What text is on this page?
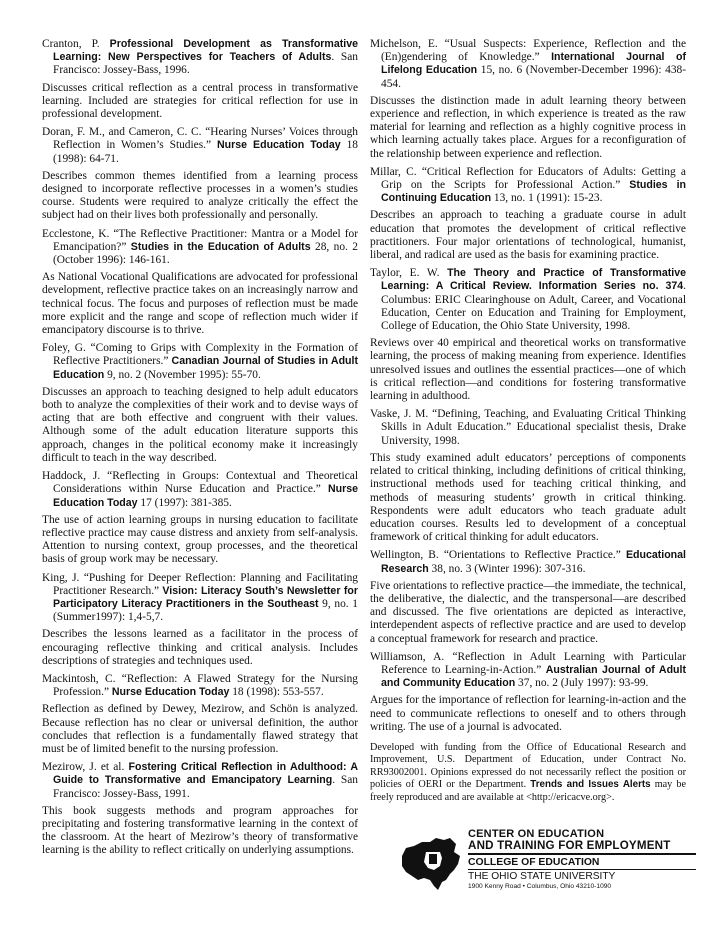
Cranton, P. Professional Development as Transformative Learning: New Perspectives for Teachers of Adults. San Francisco: Jossey-Bass, 1996.

Discusses critical reflection as a central process in transformative learning. Included are strategies for critical reflection for use in professional development.

Doran, F. M., and Cameron, C. C. “Hearing Nurses’ Voices through Reflection in Women’s Studies.” Nurse Education Today 18 (1998): 64-71.

Describes common themes identified from a learning process designed to incorporate reflective processes in a women’s studies course. Students were required to analyze critically the effect the subject had on their lives both professionally and personally.

Ecclestone, K. “The Reflective Practitioner: Mantra or a Model for Emancipation?” Studies in the Education of Adults 28, no. 2 (October 1996): 146-161.

As National Vocational Qualifications are advocated for professional development, reflective practice takes on an increasingly narrow and technical focus. The focus and purposes of reflection must be made more explicit and the range and scope of reflection much wider if emancipatory discourse is to thrive.

Foley, G. “Coming to Grips with Complexity in the Formation of Reflective Practitioners.” Canadian Journal of Studies in Adult Education 9, no. 2 (November 1995): 55-70.

Discusses an approach to teaching designed to help adult educators both to analyze the complexities of their work and to devise ways of acting that are both effective and congruent with their values. Although some of the adult education literature supports this approach, changes in the political economy make it increasingly difficult to teach in the way described.

Haddock, J. “Reflecting in Groups: Contextual and Theoretical Considerations within Nurse Education and Practice.” Nurse Education Today 17 (1997): 381-385.

The use of action learning groups in nursing education to facilitate reflective practice may cause distress and anxiety from self-analysis. Attention to nursing context, group processes, and the theoretical basis of group work may be necessary.

King, J. “Pushing for Deeper Reflection: Planning and Facilitating Practitioner Research.” Vision: Literacy South’s Newsletter for Participatory Literacy Practitioners in the Southeast 9, no. 1 (Summer1997): 1,4-5,7.

Describes the lessons learned as a facilitator in the process of encouraging reflective thinking and critical analysis. Includes descriptions of strategies and techniques used.

Mackintosh, C. “Reflection: A Flawed Strategy for the Nursing Profession.” Nurse Education Today 18 (1998): 553-557.

Reflection as defined by Dewey, Mezirow, and Schön is analyzed. Because reflection has no clear or universal definition, the author concludes that reflection is a fundamentally flawed strategy that must be of limited benefit to the nursing profession.

Mezirow, J. et al. Fostering Critical Reflection in Adulthood: A Guide to Transformative and Emancipatory Learning. San Francisco: Jossey-Bass, 1991.

This book suggests methods and program approaches for precipitating and fostering transformative learning in the context of the classroom. At the heart of Mezirow’s theory of transformative learning is the ability to reflect critically on underlying assumptions.

Michelson, E. “Usual Suspects: Experience, Reflection and the (En)gendering of Knowledge.” International Journal of Lifelong Education 15, no. 6 (November-December 1996): 438-454.

Discusses the distinction made in adult learning theory between experience and reflection, in which experience is treated as the raw material for learning and reflection as a highly cognitive process in which learning actually takes place. Argues for a reconfiguration of the relationship between experience and reflection.

Millar, C. “Critical Reflection for Educators of Adults: Getting a Grip on the Scripts for Professional Action.” Studies in Continuing Education 13, no. 1 (1991): 15-23.

Describes an approach to teaching a graduate course in adult education that promotes the development of critical reflective practitioners. Four major orientations of technological, humanist, liberal, and radical are used as the basis for examining practice.

Taylor, E. W. The Theory and Practice of Transformative Learning: A Critical Review. Information Series no. 374. Columbus: ERIC Clearinghouse on Adult, Career, and Vocational Education, Center on Education and Training for Employment, College of Education, the Ohio State University, 1998.

Reviews over 40 empirical and theoretical works on transformative learning, the process of making meaning from experience. Identifies unresolved issues and outlines the essential practices—one of which is critical reflection—and conditions for fostering transformative learning in adulthood.

Vaske, J. M. “Defining, Teaching, and Evaluating Critical Thinking Skills in Adult Education.” Educational specialist thesis, Drake University, 1998.

This study examined adult educators’ perceptions of components related to critical thinking, including definitions of critical thinking, instructional methods used for teaching critical thinking, and methods of measuring students’ growth in critical thinking. Respondents were adult educators who teach graduate adult education courses. Results led to development of a conceptual framework of critical thinking for adult educators.

Wellington, B. “Orientations to Reflective Practice.” Educational Research 38, no. 3 (Winter 1996): 307-316.

Five orientations to reflective practice—the immediate, the technical, the deliberative, the dialectic, and the transpersonal—are described and discussed. The five orientations are depicted as interactive, interdependent aspects of reflective practice and are used to develop a conceptual framework for research and practice.

Williamson, A. “Reflection in Adult Learning with Particular Reference to Learning-in-Action.” Australian Journal of Adult and Community Education 37, no. 2 (July 1997): 93-99.

Argues for the importance of reflection for learning-in-action and the need to communicate reflections to oneself and to others through writing. The use of a journal is advocated.

Developed with funding from the Office of Educational Research and Improvement, U.S. Department of Education, under Contract No. RR93002001. Opinions expressed do not necessarily reflect the position or policies of OERI or the Department. Trends and Issues Alerts may be freely reproduced and are available at <http://ericacve.org>.

CENTER ON EDUCATION
AND TRAINING FOR EMPLOYMENT
COLLEGE OF EDUCATION
THE OHIO STATE UNIVERSITY
1900 Kenny Road • Columbus, Ohio 43210-1090
